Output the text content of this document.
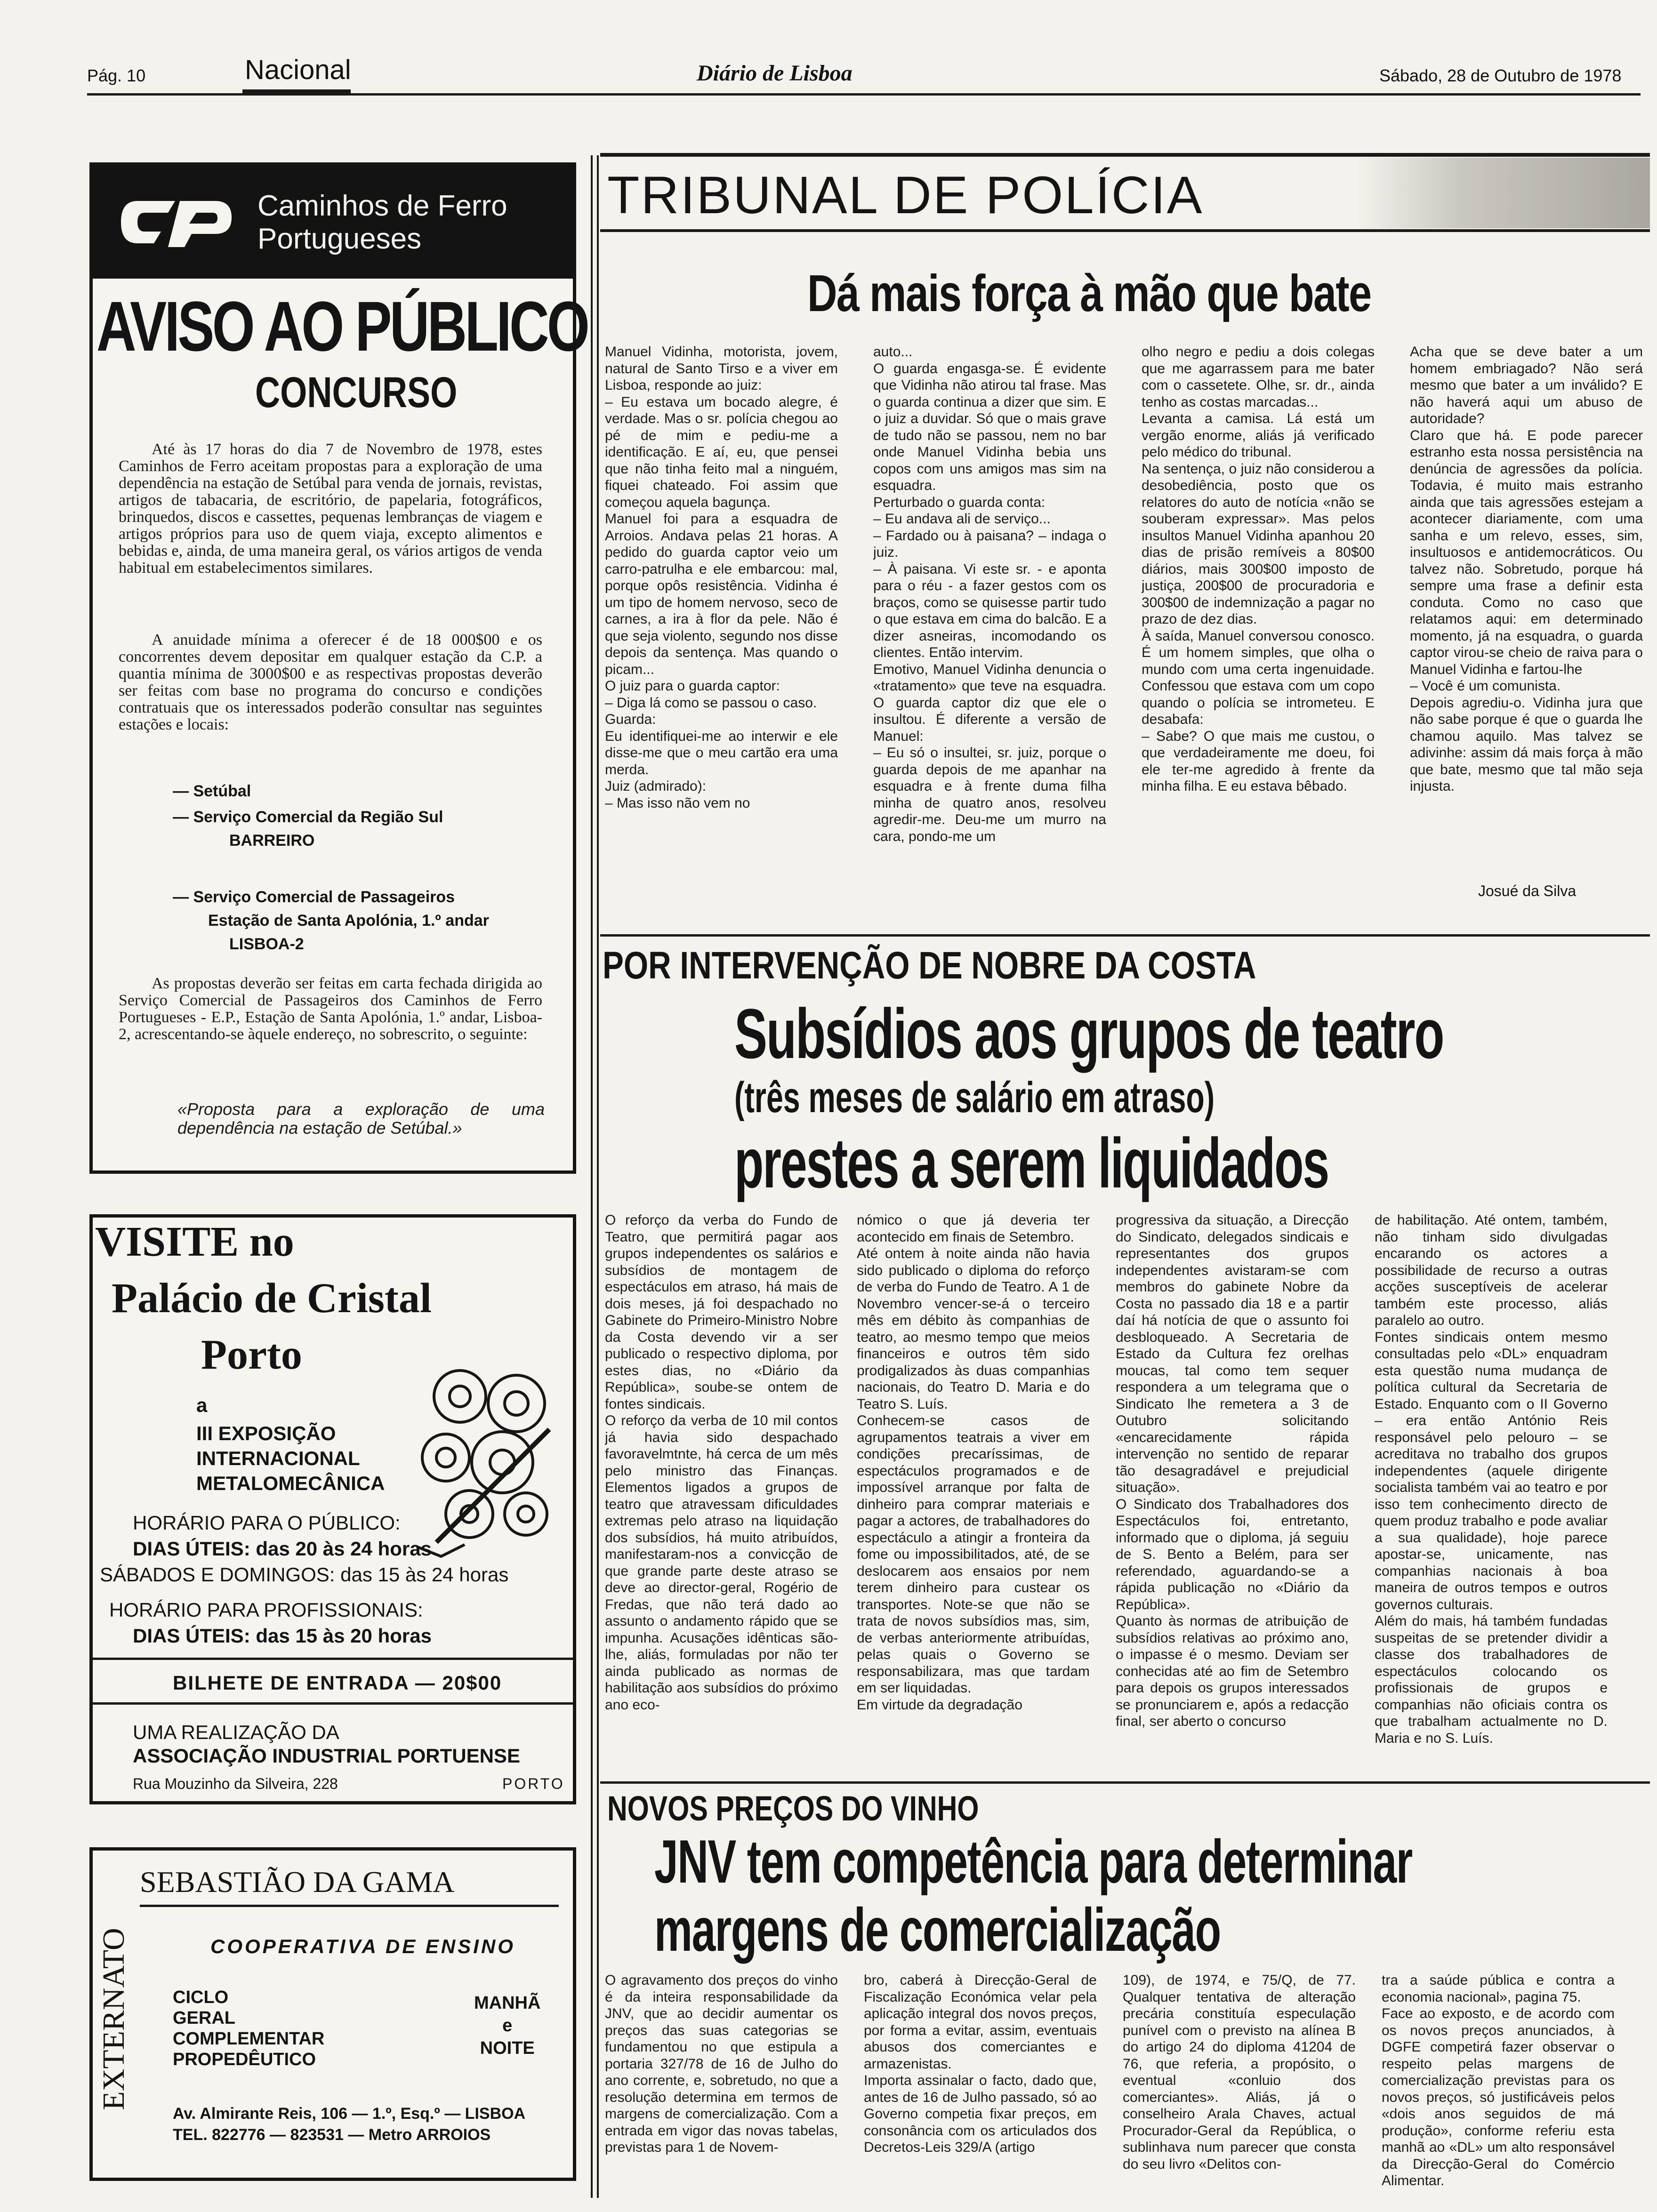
Pág. 10	Nacional	Diário de Lisboa	Sábado, 28 de Outubro de 1978
Caminhos de Ferro
Portugueses
AVISO AO PÚBLICO
CONCURSO
Até às 17 horas do dia 7 de Novembro de 1978, estes Caminhos de Ferro aceitam propostas para a exploração de uma dependência na estação de Setúbal para venda de jornais, revistas, artigos de tabacaria, de escritório, de papelaria, fotográficos, brinquedos, discos e cassettes, pequenas lembranças de viagem e artigos próprios para uso de quem viaja, excepto alimentos e bebidas e, ainda, de uma maneira geral, os vários artigos de venda habitual em estabelecimentos similares.
A anuidade mínima a oferecer é de 18 000$00 e os concorrentes devem depositar em qualquer estação da C.P. a quantia mínima de 3000$00 e as respectivas propostas deverão ser feitas com base no programa do concurso e condições contratuais que os interessados poderão consultar nas seguintes estações e locais:
— Setúbal
— Serviço Comercial da Região Sul
BARREIRO
— Serviço Comercial de Passageiros
Estação de Santa Apolónia, 1.º andar
LISBOA-2
As propostas deverão ser feitas em carta fechada dirigida ao Serviço Comercial de Passageiros dos Caminhos de Ferro Portugueses - E.P., Estação de Santa Apolónia, 1.º andar, Lisboa-2, acrescentando-se àquele endereço, no sobrescrito, o seguinte:
«Proposta para a exploração de uma dependência na estação de Setúbal.»
VISITE no
Palácio de Cristal
Porto
a
III EXPOSIÇÃO
INTERNACIONAL
METALOMECÂNICA
HORÁRIO PARA O PÚBLICO:
DIAS ÚTEIS: das 20 às 24 horas
SÁBADOS E DOMINGOS: das 15 às 24 horas
HORÁRIO PARA PROFISSIONAIS:
DIAS ÚTEIS: das 15 às 20 horas
BILHETE DE ENTRADA — 20$00
UMA REALIZAÇÃO DA
ASSOCIAÇÃO INDUSTRIAL PORTUENSE
Rua Mouzinho da Silveira, 228	PORTO
EXTERNATO
SEBASTIÃO DA GAMA
COOPERATIVA DE ENSINO
CICLO
GERAL
COMPLEMENTAR
PROPEDÊUTICO
MANHÃ
e
NOITE
Av. Almirante Reis, 106 — 1.º, Esq.º — LISBOA
TEL. 822776 — 823531 — Metro ARROIOS
TRIBUNAL DE POLÍCIA
Dá mais força à mão que bate
Manuel Vidinha, motorista, jovem, natural de Santo Tirso e a viver em Lisboa, responde ao juiz:
– Eu estava um bocado alegre, é verdade. Mas o sr. polícia chegou ao pé de mim e pediu-me a identificação. E aí, eu, que pensei que não tinha feito mal a ninguém, fiquei chateado. Foi assim que começou aquela bagunça.
Manuel foi para a esquadra de Arroios. Andava pelas 21 horas. A pedido do guarda captor veio um carro-patrulha e ele embarcou: mal, porque opôs resistência. Vidinha é um tipo de homem nervoso, seco de carnes, a ira à flor da pele. Não é que seja violento, segundo nos disse depois da sentença. Mas quando o picam...
O juiz para o guarda captor:
– Diga lá como se passou o caso.
Guarda:
Eu identifiquei-me ao interwir e ele disse-me que o meu cartão era uma merda.
Juiz (admirado):
– Mas isso não vem no
auto...
O guarda engasga-se. É evidente que Vidinha não atirou tal frase. Mas o guarda continua a dizer que sim. E o juiz a duvidar. Só que o mais grave de tudo não se passou, nem no bar onde Manuel Vidinha bebia uns copos com uns amigos mas sim na esquadra.
Perturbado o guarda conta:
– Eu andava ali de serviço...
– Fardado ou à paisana? – indaga o juiz.
– À paisana. Vi este sr. - e aponta para o réu - a fazer gestos com os braços, como se quisesse partir tudo o que estava em cima do balcão. E a dizer asneiras, incomodando os clientes. Então intervim.
Emotivo, Manuel Vidinha denuncia o «tratamento» que teve na esquadra. O guarda captor diz que ele o insultou. É diferente a versão de Manuel:
– Eu só o insultei, sr. juiz, porque o guarda depois de me apanhar na esquadra e à frente duma filha minha de quatro anos, resolveu agredir-me. Deu-me um murro na cara, pondo-me um
olho negro e pediu a dois colegas que me agarrassem para me bater com o cassetete. Olhe, sr. dr., ainda tenho as costas marcadas...
Levanta a camisa. Lá está um vergão enorme, aliás já verificado pelo médico do tribunal.
Na sentença, o juiz não considerou a desobediência, posto que os relatores do auto de notícia «não se souberam expressar». Mas pelos insultos Manuel Vidinha apanhou 20 dias de prisão remíveis a 80$00 diários, mais 300$00 imposto de justiça, 200$00 de procuradoria e 300$00 de indemnização a pagar no prazo de dez dias.
À saída, Manuel conversou conosco. É um homem simples, que olha o mundo com uma certa ingenuidade. Confessou que estava com um copo quando o polícia se intrometeu. E desabafa:
– Sabe? O que mais me custou, o que verdadeiramente me doeu, foi ele ter-me agredido à frente da minha filha. E eu estava bêbado.
Acha que se deve bater a um homem embriagado? Não será mesmo que bater a um inválido? E não haverá aqui um abuso de autoridade?
Claro que há. E pode parecer estranho esta nossa persistência na denúncia de agressões da polícia. Todavia, é muito mais estranho ainda que tais agressões estejam a acontecer diariamente, com uma sanha e um relevo, esses, sim, insultuosos e antidemocráticos. Ou talvez não. Sobretudo, porque há sempre uma frase a definir esta conduta. Como no caso que relatamos aqui: em determinado momento, já na esquadra, o guarda captor virou-se cheio de raiva para o Manuel Vidinha e fartou-lhe
– Você é um comunista.
Depois agrediu-o. Vidinha jura que não sabe porque é que o guarda lhe chamou aquilo. Mas talvez se adivinhe: assim dá mais força à mão que bate, mesmo que tal mão seja injusta.
Josué da Silva
POR INTERVENÇÃO DE NOBRE DA COSTA
Subsídios aos grupos de teatro
(três meses de salário em atraso)
prestes a serem liquidados
O reforço da verba do Fundo de Teatro, que permitirá pagar aos grupos independentes os salários e subsídios de montagem de espectáculos em atraso, há mais de dois meses, já foi despachado no Gabinete do Primeiro-Ministro Nobre da Costa devendo vir a ser publicado o respectivo diploma, por estes dias, no «Diário da República», soube-se ontem de fontes sindicais.
O reforço da verba de 10 mil contos já havia sido despachado favoravelmtnte, há cerca de um mês pelo ministro das Finanças. Elementos ligados a grupos de teatro que atravessam dificuldades extremas pelo atraso na liquidação dos subsídios, há muito atribuídos, manifestaram-nos a convicção de que grande parte deste atraso se deve ao director-geral, Rogério de Fredas, que não terá dado ao assunto o andamento rápido que se impunha. Acusações idênticas são-lhe, aliás, formuladas por não ter ainda publicado as normas de habilitação aos subsídios do próximo ano eco-
nómico o que já deveria ter acontecido em finais de Setembro.
Até ontem à noite ainda não havia sido publicado o diploma do reforço de verba do Fundo de Teatro. A 1 de Novembro vencer-se-á o terceiro mês em débito às companhias de teatro, ao mesmo tempo que meios financeiros e outros têm sido prodigalizados às duas companhias nacionais, do Teatro D. Maria e do Teatro S. Luís.
Conhecem-se casos de agrupamentos teatrais a viver em condições precaríssimas, de espectáculos programados e de impossível arranque por falta de dinheiro para comprar materiais e pagar a actores, de trabalhadores do espectáculo a atingir a fronteira da fome ou impossibilitados, até, de se deslocarem aos ensaios por nem terem dinheiro para custear os transportes. Note-se que não se trata de novos subsídios mas, sim, de verbas anteriormente atribuídas, pelas quais o Governo se responsabilizara, mas que tardam em ser liquidadas.
Em virtude da degradação
progressiva da situação, a Direcção do Sindicato, delegados sindicais e representantes dos grupos independentes avistaram-se com membros do gabinete Nobre da Costa no passado dia 18 e a partir daí há notícia de que o assunto foi desbloqueado. A Secretaria de Estado da Cultura fez orelhas moucas, tal como tem sequer respondera a um telegrama que o Sindicato lhe remetera a 3 de Outubro solicitando «encarecidamente rápida intervenção no sentido de reparar tão desagradável e prejudicial situação».
O Sindicato dos Trabalhadores dos Espectáculos foi, entretanto, informado que o diploma, já seguiu de S. Bento a Belém, para ser referendado, aguardando-se a rápida publicação no «Diário da República».
Quanto às normas de atribuição de subsídios relativas ao próximo ano, o impasse é o mesmo. Deviam ser conhecidas até ao fim de Setembro para depois os grupos interessados se pronunciarem e, após a redacção final, ser aberto o concurso
de habilitação. Até ontem, também, não tinham sido divulgadas encarando os actores a possibilidade de recurso a outras acções susceptíveis de acelerar também este processo, aliás paralelo ao outro.
Fontes sindicais ontem mesmo consultadas pelo «DL» enquadram esta questão numa mudança de política cultural da Secretaria de Estado. Enquanto com o II Governo – era então António Reis responsável pelo pelouro – se acreditava no trabalho dos grupos independentes (aquele dirigente socialista também vai ao teatro e por isso tem conhecimento directo de quem produz trabalho e pode avaliar a sua qualidade), hoje parece apostar-se, unicamente, nas companhias nacionais à boa maneira de outros tempos e outros governos culturais.
Além do mais, há também fundadas suspeitas de se pretender dividir a classe dos trabalhadores de espectáculos colocando os profissionais de grupos e companhias não oficiais contra os que trabalham actualmente no D. Maria e no S. Luís.
NOVOS PREÇOS DO VINHO
JNV tem competência para determinar
margens de comercialização
O agravamento dos preços do vinho é da inteira responsabilidade da JNV, que ao decidir aumentar os preços das suas categorias se fundamentou no que estipula a portaria 327/78 de 16 de Julho do ano corrente, e, sobretudo, no que a resolução determina em termos de margens de comercialização. Com a entrada em vigor das novas tabelas, previstas para 1 de Novem-
bro, caberá à Direcção-Geral de Fiscalização Económica velar pela aplicação integral dos novos preços, por forma a evitar, assim, eventuais abusos dos comerciantes e armazenistas.
Importa assinalar o facto, dado que, antes de 16 de Julho passado, só ao Governo competia fixar preços, em consonância com os articulados dos Decretos-Leis 329/A (artigo
109), de 1974, e 75/Q, de 77. Qualquer tentativa de alteração precária constituía especulação punível com o previsto na alínea B do artigo 24 do diploma 41204 de 76, que referia, a propósito, o eventual «conluio dos comerciantes». Aliás, já o conselheiro Arala Chaves, actual Procurador-Geral da República, o sublinhava num parecer que consta do seu livro «Delitos con-
tra a saúde pública e contra a economia nacional», pagina 75.
Face ao exposto, e de acordo com os novos preços anunciados, à DGFE competirá fazer observar o respeito pelas margens de comercialização previstas para os novos preços, só justificáveis pelos «dois anos seguidos de má produção», conforme referiu esta manhã ao «DL» um alto responsável da Direcção-Geral do Comércio Alimentar.
